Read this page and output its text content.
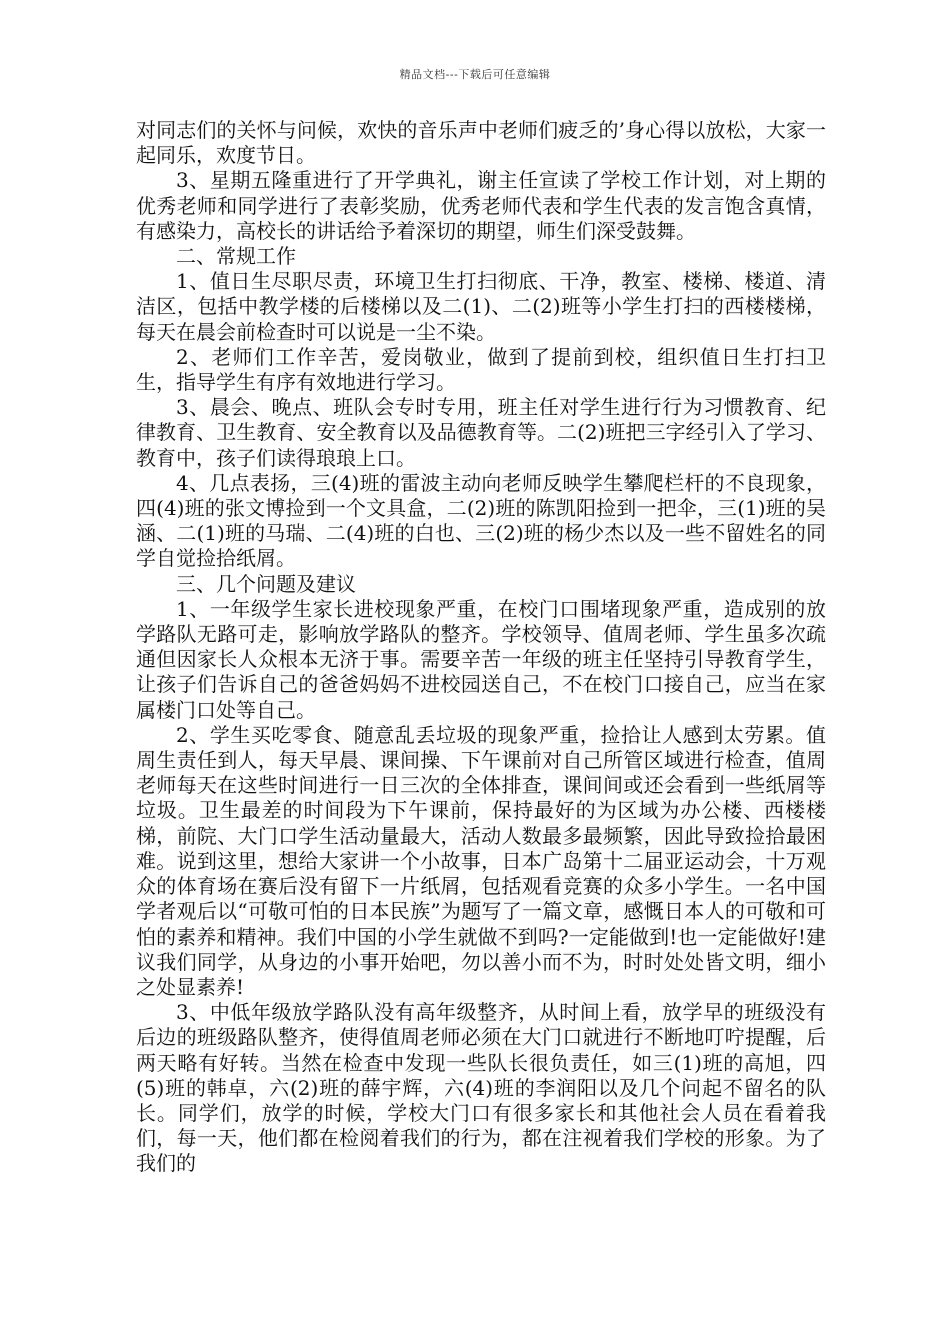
精品文档---下载后可任意编辑

对同志们的关怀与问候，欢快的音乐声中老师们疲乏的’身心得以放松，大家一起同乐，欢度节日。

3、星期五隆重进行了开学典礼，谢主任宣读了学校工作计划，对上期的优秀老师和同学进行了表彰奖励，优秀老师代表和学生代表的发言饱含真情，有感染力，高校长的讲话给予着深切的期望，师生们深受鼓舞。

二、常规工作

1、值日生尽职尽责，环境卫生打扫彻底、干净，教室、楼梯、楼道、清洁区，包括中教学楼的后楼梯以及二(1)、二(2)班等小学生打扫的西楼楼梯，每天在晨会前检查时可以说是一尘不染。

2、老师们工作辛苦，爱岗敬业，做到了提前到校，组织值日生打扫卫生，指导学生有序有效地进行学习。

3、晨会、晚点、班队会专时专用，班主任对学生进行行为习惯教育、纪律教育、卫生教育、安全教育以及品德教育等。二(2)班把三字经引入了学习、教育中，孩子们读得琅琅上口。

4、几点表扬，三(4)班的雷波主动向老师反映学生攀爬栏杆的不良现象，四(4)班的张文博捡到一个文具盒，二(2)班的陈凯阳捡到一把伞，三(1)班的吴涵、二(1)班的马瑞、二(4)班的白也、三(2)班的杨少杰以及一些不留姓名的同学自觉捡拾纸屑。

三、几个问题及建议

1、一年级学生家长进校现象严重，在校门口围堵现象严重，造成别的放学路队无路可走，影响放学路队的整齐。学校领导、值周老师、学生虽多次疏通但因家长人众根本无济于事。需要辛苦一年级的班主任坚持引导教育学生，让孩子们告诉自己的爸爸妈妈不进校园送自己，不在校门口接自己，应当在家属楼门口处等自己。

2、学生买吃零食、随意乱丢垃圾的现象严重，捡拾让人感到太劳累。值周生责任到人，每天早晨、课间操、下午课前对自己所管区域进行检查，值周老师每天在这些时间进行一日三次的全体排查，课间间或还会看到一些纸屑等垃圾。卫生最差的时间段为下午课前，保持最好的为区域为办公楼、西楼楼梯，前院、大门口学生活动量最大，活动人数最多最频繁，因此导致捡拾最困难。说到这里，想给大家讲一个小故事，日本广岛第十二届亚运动会，十万观众的体育场在赛后没有留下一片纸屑，包括观看竞赛的众多小学生。一名中国学者观后以“可敬可怕的日本民族”为题写了一篇文章，感慨日本人的可敬和可怕的素养和精神。我们中国的小学生就做不到吗?一定能做到!也一定能做好!建议我们同学，从身边的小事开始吧，勿以善小而不为，时时处处皆文明，细小之处显素养!

3、中低年级放学路队没有高年级整齐，从时间上看，放学早的班级没有后边的班级路队整齐，使得值周老师必须在大门口就进行不断地叮咛提醒，后两天略有好转。当然在检查中发现一些队长很负责任，如三(1)班的高旭，四(5)班的韩卓，六(2)班的薛宇辉，六(4)班的李润阳以及几个问起不留名的队长。同学们，放学的时候，学校大门口有很多家长和其他社会人员在看着我们，每一天，他们都在检阅着我们的行为，都在注视着我们学校的形象。为了我们的
